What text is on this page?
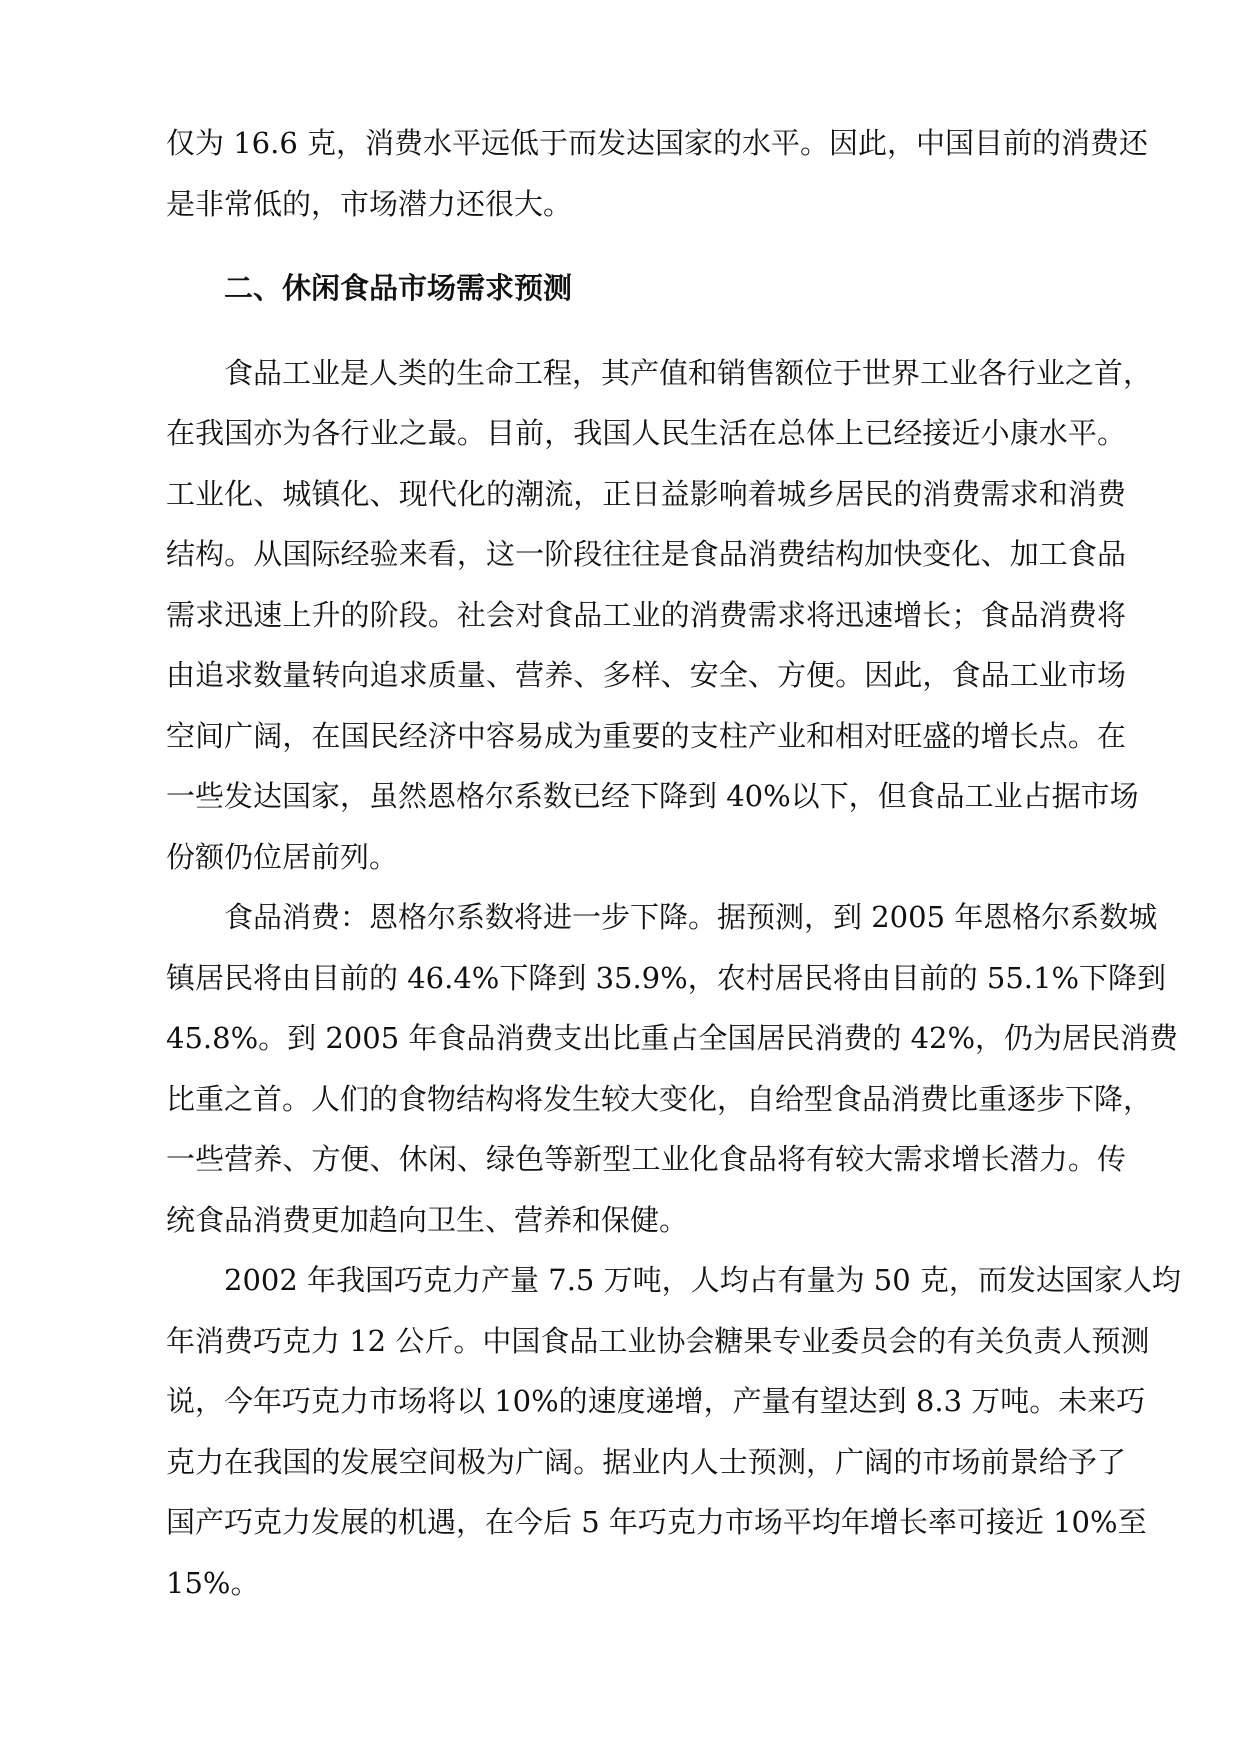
仅为 16.6 克，消费水平远低于而发达国家的水平。因此，中国目前的消费还
是非常低的，市场潜力还很大。
二、休闲食品市场需求预测
食品工业是人类的生命工程，其产值和销售额位于世界工业各行业之首，
在我国亦为各行业之最。目前，我国人民生活在总体上已经接近小康水平。
工业化、城镇化、现代化的潮流，正日益影响着城乡居民的消费需求和消费
结构。从国际经验来看，这一阶段往往是食品消费结构加快变化、加工食品
需求迅速上升的阶段。社会对食品工业的消费需求将迅速增长；食品消费将
由追求数量转向追求质量、营养、多样、安全、方便。因此，食品工业市场
空间广阔，在国民经济中容易成为重要的支柱产业和相对旺盛的增长点。在
一些发达国家，虽然恩格尔系数已经下降到 40%以下，但食品工业占据市场
份额仍位居前列。
食品消费：恩格尔系数将进一步下降。据预测，到 2005 年恩格尔系数城
镇居民将由目前的 46.4%下降到 35.9%，农村居民将由目前的 55.1%下降到
45.8%。到 2005 年食品消费支出比重占全国居民消费的 42%，仍为居民消费
比重之首。人们的食物结构将发生较大变化，自给型食品消费比重逐步下降，
一些营养、方便、休闲、绿色等新型工业化食品将有较大需求增长潜力。传
统食品消费更加趋向卫生、营养和保健。
2002 年我国巧克力产量 7.5 万吨，人均占有量为 50 克，而发达国家人均
年消费巧克力 12 公斤。中国食品工业协会糖果专业委员会的有关负责人预测
说，今年巧克力市场将以 10%的速度递增，产量有望达到 8.3 万吨。未来巧
克力在我国的发展空间极为广阔。据业内人士预测，广阔的市场前景给予了
国产巧克力发展的机遇，在今后 5 年巧克力市场平均年增长率可接近 10%至
15%。
